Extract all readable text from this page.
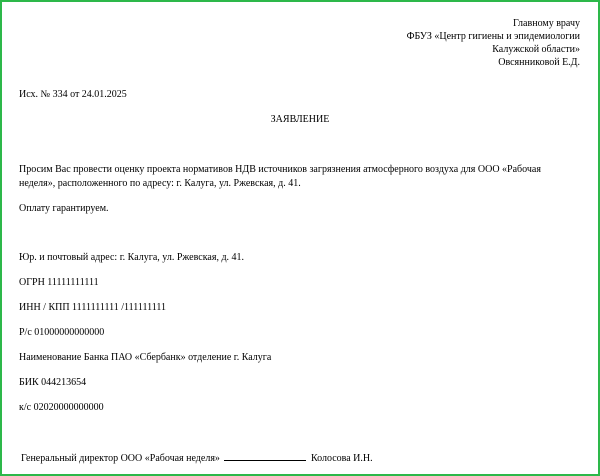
Главному врачу
ФБУЗ «Центр гигиены и эпидемиологии
Калужской области»
Овсянниковой Е.Д.
Исх. № 334 от 24.01.2025
ЗАЯВЛЕНИЕ
Просим Вас провести оценку проекта нормативов НДВ источников загрязнения атмосферного воздуха для ООО «Рабочая неделя», расположенного по адресу: г. Калуга, ул. Ржевская, д. 41.
Оплату гарантируем.
Юр. и почтовый адрес: г. Калуга, ул. Ржевская, д. 41.
ОГРН 11111111111
ИНН / КПП 1111111111 /111111111
Р/с 01000000000000
Наименование Банка ПАО «Сбербанк» отделение г. Калуга
БИК 044213654
к/с 02020000000000
Генеральный директор ООО «Рабочая неделя»	Колосова И.Н.
